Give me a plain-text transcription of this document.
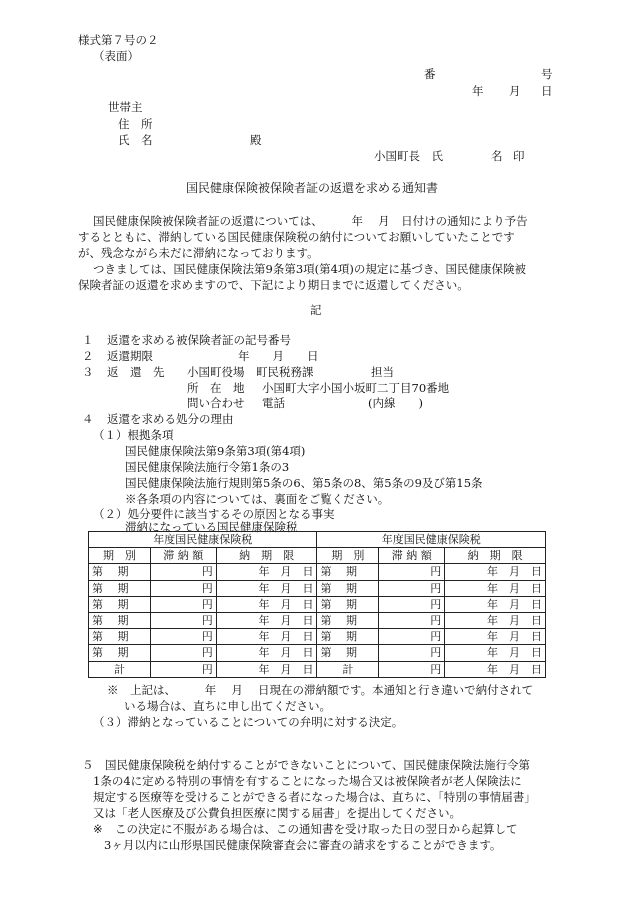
様式第７号の２
（表面）
番	号
年 月 日
世帯主
住　所
氏　名	殿
小国町長　氏	名 印
国民健康保険被保険者証の返還を求める通知書
国民健康保険被保険者証の返還については、　　　年　 月　日付けの通知により予告
するとともに、滞納している国民健康保険税の納付についてお願いしていたことです
が、残念ながら未だに滞納になっております。
つきましては、国民健康保険法第9条第3項(第4項)の規定に基づき、国民健康保険被
保険者証の返還を求めますので、下記により期日までに返還してください。
記
１ 返還を求める被保険者証の記号番号
２ 返還期限	年　　月　　日
３ 返　還　先 小国町役場　町民税務課	担当
所　在　地 小国町大字小国小坂町二丁目70番地
問い合わせ 電話	(内線　　)
４ 返還を求める処分の理由
（１）根拠条項
国民健康保険法第9条第3項(第4項)
国民健康保険法施行令第1条の3
国民健康保険法施行規則第5条の6、第5条の8、第5条の9及び第15条
※各条項の内容については、裏面をご覧ください。
（２）処分要件に該当するその原因となる事実
滞納になっている国民健康保険税
年度国民健康保険税			年度国民健康保険税		
期　別	滞 納 額	納　期　限	期　別	滞 納 額	納　期　限
第　 期	円	年　月　日	第　 期	円	年　月　日
第　 期	円	年　月　日	第　 期	円	年　月　日
第　 期	円	年　月　日	第　 期	円	年　月　日
第　 期	円	年　月　日	第　 期	円	年　月　日
第　 期	円	年　月　日	第　 期	円	年　月　日
第　 期	円	年　月　日	第　 期	円	年　月　日
計	円	年　月　日	計	円	年　月　日
※　上記は、　　　年　 月　 日現在の滞納額です。本通知と行き違いで納付されて
いる場合は、直ちに申し出てください。
（３）滞納となっていることについての弁明に対する決定。
５ 国民健康保険税を納付することができないことについて、国民健康保険法施行令第
1条の4に定める特別の事情を有することになった場合又は被保険者が老人保険法に
規定する医療等を受けることができる者になった場合は、直ちに、「特別の事情届書」
又は「老人医療及び公費負担医療に関する届書」を提出してください。
※ この決定に不服がある場合は、この通知書を受け取った日の翌日から起算して
3ヶ月以内に山形県国民健康保険審査会に審査の請求をすることができます。
